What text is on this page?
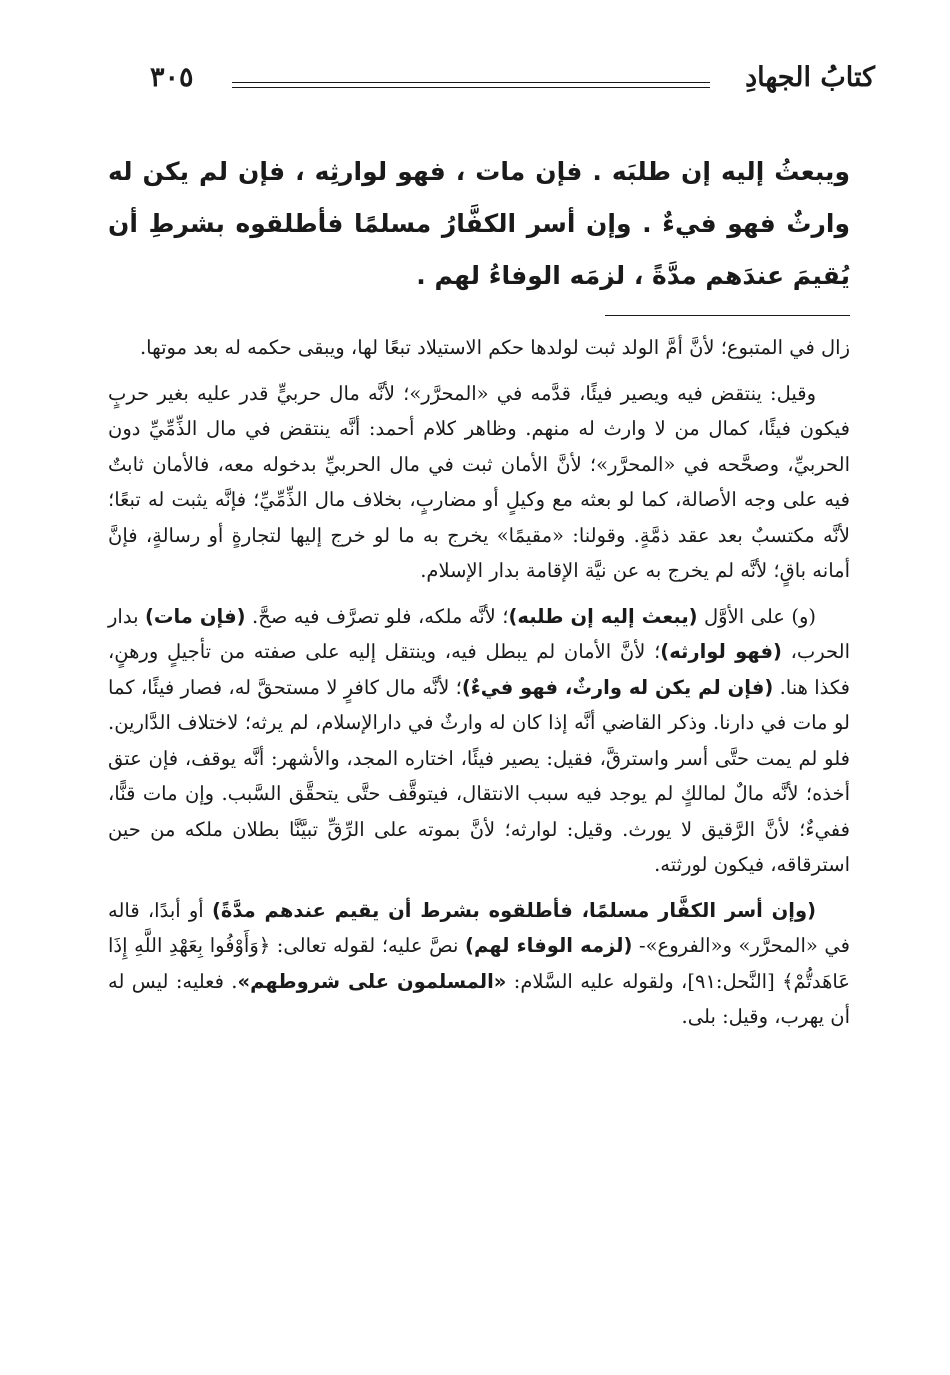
كتابُ الجهادِ
٣٠٥
ويبعثُ إليه إن طلبَه . فإن مات ، فهو لوارثِه ، فإن لم يكن له وارثٌ فهو فيءٌ . وإن أسر الكفَّارُ مسلمًا فأطلقوه بشرطِ أن يُقيمَ عندَهم مدَّةً ، لزمَه الوفاءُ لهم .

زال في المتبوع؛ لأنَّ أمَّ الولد ثبت لولدها حكم الاستيلاد تبعًا لها، ويبقى حكمه له بعد موتها.

وقيل: ينتقض فيه ويصير فيئًا، قدَّمه في «المحرَّر»؛ لأنَّه مال حربيٍّ قدر عليه بغير حربٍ فيكون فيئًا، كمال من لا وارث له منهم. وظاهر كلام أحمد: أنَّه ينتقض في مال الذِّمِّيِّ دون الحربيِّ، وصحَّحه في «المحرَّر»؛ لأنَّ الأمان ثبت في مال الحربيِّ بدخوله معه، فالأمان ثابتٌ فيه على وجه الأصالة، كما لو بعثه مع وكيلٍ أو مضاربٍ، بخلاف مال الذِّمِّيِّ؛ فإنَّه يثبت له تبعًا؛ لأنَّه مكتسبٌ بعد عقد ذمَّةٍ. وقولنا: «مقيمًا» يخرج به ما لو خرج إليها لتجارةٍ أو رسالةٍ، فإنَّ أمانه باقٍ؛ لأنَّه لم يخرج به عن نيَّة الإقامة بدار الإسلام.

(و) على الأوَّل (يبعث إليه إن طلبه)؛ لأنَّه ملكه، فلو تصرَّف فيه صحَّ. (فإن مات) بدار الحرب، (فهو لوارثه)؛ لأنَّ الأمان لم يبطل فيه، وينتقل إليه على صفته من تأجيلٍ ورهنٍ، فكذا هنا. (فإن لم يكن له وارثٌ، فهو فيءٌ)؛ لأنَّه مال كافرٍ لا مستحقَّ له، فصار فيئًا، كما لو مات في دارنا. وذكر القاضي أنَّه إذا كان له وارثٌ في دارالإسلام، لم يرثه؛ لاختلاف الدَّارين. فلو لم يمت حتَّى أسر واسترقَّ، فقيل: يصير فيئًا، اختاره المجد، والأشهر: أنَّه يوقف، فإن عتق أخذه؛ لأنَّه مالٌ لمالكٍ لم يوجد فيه سبب الانتقال، فيتوقَّف حتَّى يتحقَّق السَّبب. وإن مات قنًّا، ففيءٌ؛ لأنَّ الرَّقيق لا يورث. وقيل: لوارثه؛ لأنَّ بموته على الرِّقِّ تبيَّنَّا بطلان ملكه من حين استرقاقه، فيكون لورثته.

(وإن أسر الكفَّار مسلمًا، فأطلقوه بشرط أن يقيم عندهم مدَّةً) أو أبدًا، قاله في «المحرَّر» و«الفروع»- (لزمه الوفاء لهم) نصَّ عليه؛ لقوله تعالى: ﴿وَأَوْفُوا بِعَهْدِ اللَّهِ إِذَا عَاهَدتُّمْ﴾ [النَّحل:٩١]، ولقوله عليه السَّلام: «المسلمون على شروطهم». فعليه: ليس له أن يهرب، وقيل: بلى.
